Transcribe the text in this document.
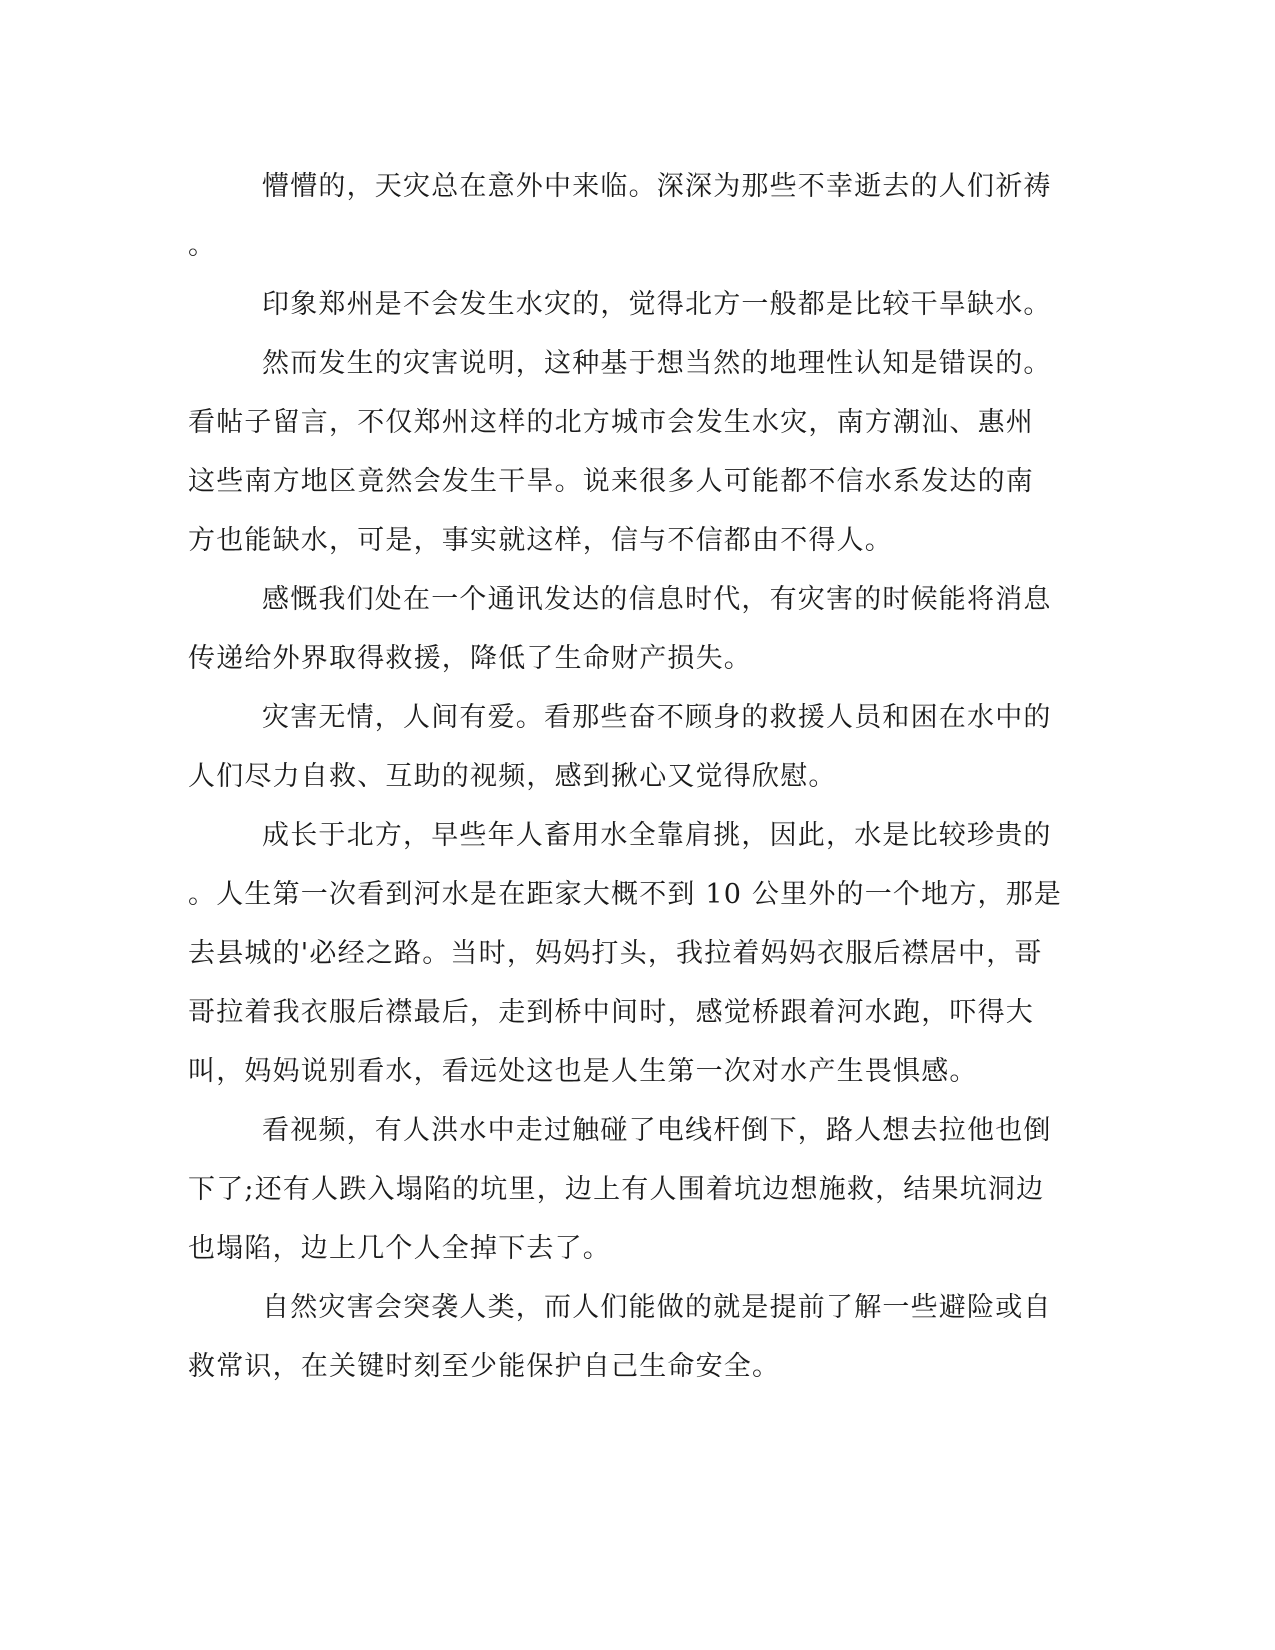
懵懵的，天灾总在意外中来临。深深为那些不幸逝去的人们祈祷
。
印象郑州是不会发生水灾的，觉得北方一般都是比较干旱缺水。
然而发生的灾害说明，这种基于想当然的地理性认知是错误的。
看帖子留言，不仅郑州这样的北方城市会发生水灾，南方潮汕、惠州
这些南方地区竟然会发生干旱。说来很多人可能都不信水系发达的南
方也能缺水，可是，事实就这样，信与不信都由不得人。
感慨我们处在一个通讯发达的信息时代，有灾害的时候能将消息
传递给外界取得救援，降低了生命财产损失。
灾害无情，人间有爱。看那些奋不顾身的救援人员和困在水中的
人们尽力自救、互助的视频，感到揪心又觉得欣慰。
成长于北方，早些年人畜用水全靠肩挑，因此，水是比较珍贵的
。人生第一次看到河水是在距家大概不到 10 公里外的一个地方，那是
去县城的'必经之路。当时，妈妈打头，我拉着妈妈衣服后襟居中，哥
哥拉着我衣服后襟最后，走到桥中间时，感觉桥跟着河水跑，吓得大
叫，妈妈说别看水，看远处这也是人生第一次对水产生畏惧感。
看视频，有人洪水中走过触碰了电线杆倒下，路人想去拉他也倒
下了;还有人跌入塌陷的坑里，边上有人围着坑边想施救，结果坑洞边
也塌陷，边上几个人全掉下去了。
自然灾害会突袭人类，而人们能做的就是提前了解一些避险或自
救常识，在关键时刻至少能保护自己生命安全。
